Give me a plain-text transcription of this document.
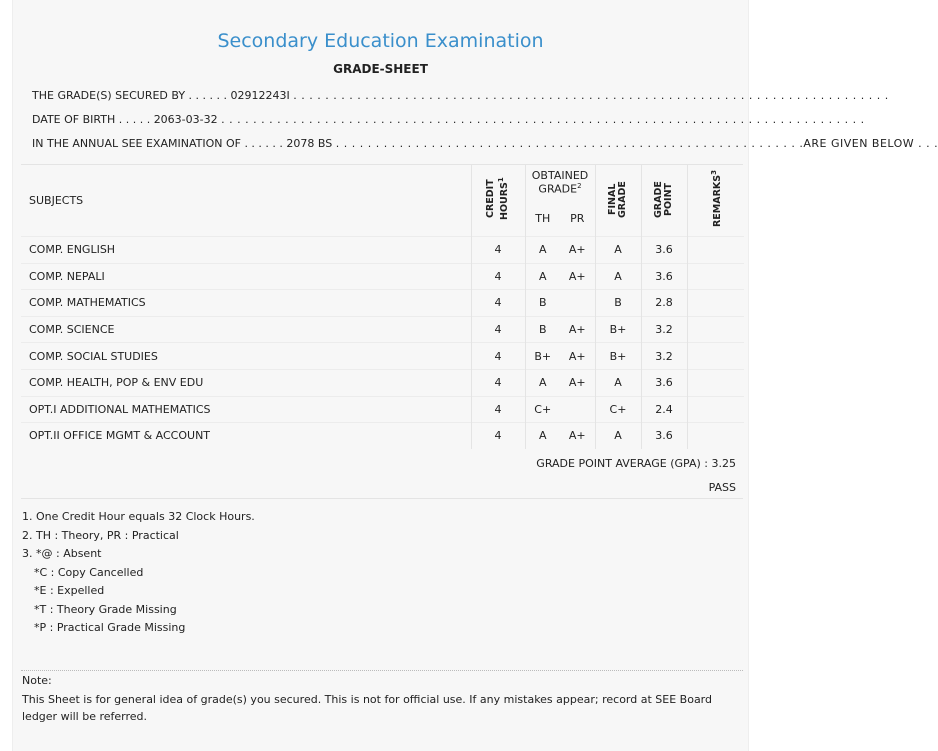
Secondary Education Examination
GRADE-SHEET
THE GRADE(S) SECURED BY . . . . . . 02912243I . . . . . . . . . . . . . . . . . . . . . . . . . . . . . . . . . . . . . . . . . . . . . . . . . . . . . . . . . . . . . . . . . . . . . . . . . . .
DATE OF BIRTH . . . . . 2063-03-32 . . . . . . . . . . . . . . . . . . . . . . . . . . . . . . . . . . . . . . . . . . . . . . . . . . . . . . . . . . . . . . . . . . . . . . . . . . . . . . . . .
IN THE ANNUAL SEE EXAMINATION OF . . . . . . 2078 BS . . . . . . . . . . . . . . . . . . . . . . . . . . . . . . . . . . . . . . . . . . . . . . . . . . . . . . . . . . .ARE GIVEN BELOW . . .
SUBJECTS	CREDIT HOURS$^1$	OBTAINED GRADE$^2$		FINAL GRADE	GRADE POINT	REMARKS$^3$
		TH	PR			
COMP. ENGLISH	4	A	A+	A	3.6	
COMP. NEPALI	4	A	A+	A	3.6	
COMP. MATHEMATICS	4	B		B	2.8	
COMP. SCIENCE	4	B	A+	B+	3.2	
COMP. SOCIAL STUDIES	4	B+	A+	B+	3.2	
COMP. HEALTH, POP & ENV EDU	4	A	A+	A	3.6	
OPT.I ADDITIONAL MATHEMATICS	4	C+		C+	2.4	
OPT.II OFFICE MGMT & ACCOUNT	4	A	A+	A	3.6	
GRADE POINT AVERAGE (GPA) : 3.25
PASS
1. One Credit Hour equals 32 Clock Hours.
2. TH : Theory, PR : Practical
3. *@ : Absent
*C : Copy Cancelled
*E : Expelled
*T : Theory Grade Missing
*P : Practical Grade Missing
Note:
This Sheet is for general idea of grade(s) you secured. This is not for official use. If any mistakes appear; record at SEE Board ledger will be referred.
